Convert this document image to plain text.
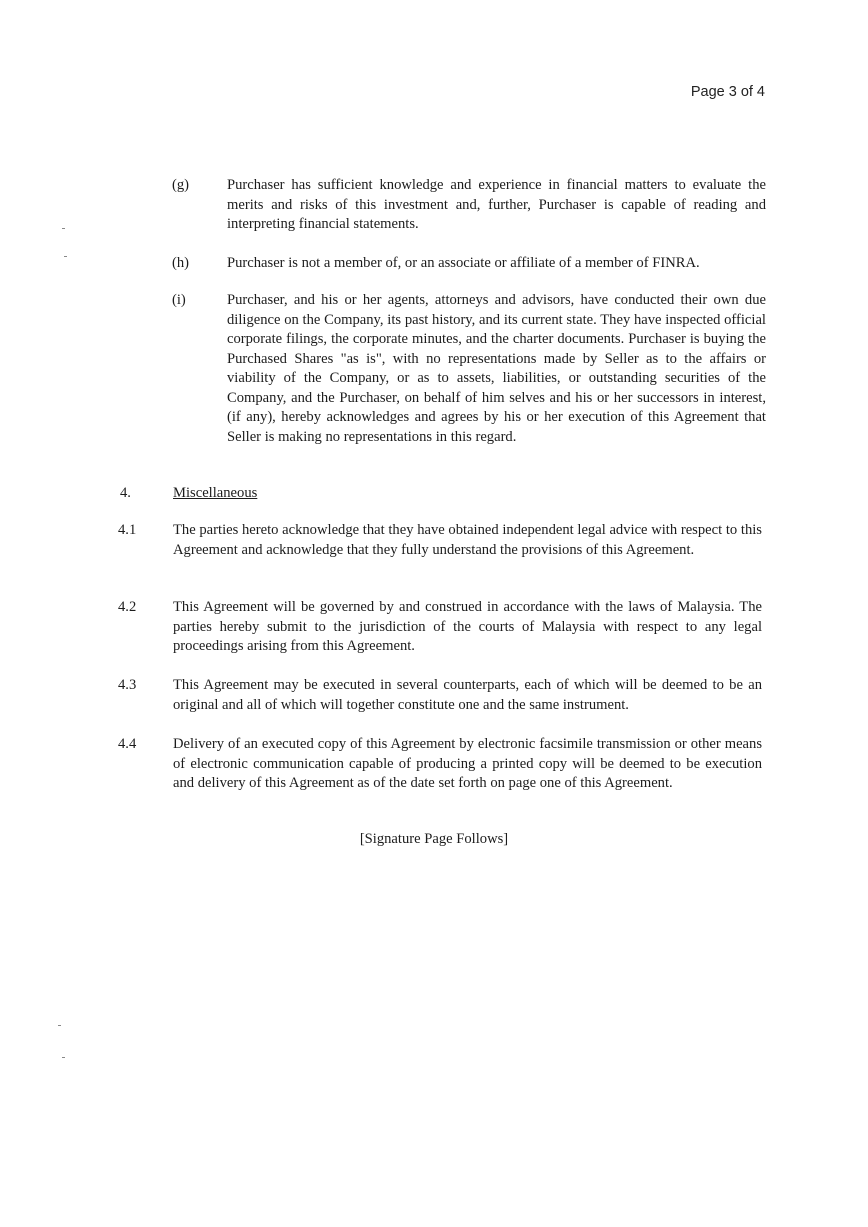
Page 3 of 4
(g)	Purchaser has sufficient knowledge and experience in financial matters to evaluate the merits and risks of this investment and, further, Purchaser is capable of reading and interpreting financial statements.
(h)	Purchaser is not a member of, or an associate or affiliate of a member of FINRA.
(i)	Purchaser, and his or her agents, attorneys and advisors, have conducted their own due diligence on the Company, its past history, and its current state. They have inspected official corporate filings, the corporate minutes, and the charter documents. Purchaser is buying the Purchased Shares "as is", with no representations made by Seller as to the affairs or viability of the Company, or as to assets, liabilities, or outstanding securities of the Company, and the Purchaser, on behalf of him selves and his or her successors in interest, (if any), hereby acknowledges and agrees by his or her execution of this Agreement that Seller is making no representations in this regard.
4.	Miscellaneous
4.1	The parties hereto acknowledge that they have obtained independent legal advice with respect to this Agreement and acknowledge that they fully understand the provisions of this Agreement.
4.2	This Agreement will be governed by and construed in accordance with the laws of Malaysia. The parties hereby submit to the jurisdiction of the courts of Malaysia with respect to any legal proceedings arising from this Agreement.
4.3	This Agreement may be executed in several counterparts, each of which will be deemed to be an original and all of which will together constitute one and the same instrument.
4.4	Delivery of an executed copy of this Agreement by electronic facsimile transmission or other means of electronic communication capable of producing a printed copy will be deemed to be execution and delivery of this Agreement as of the date set forth on page one of this Agreement.
[Signature Page Follows]
